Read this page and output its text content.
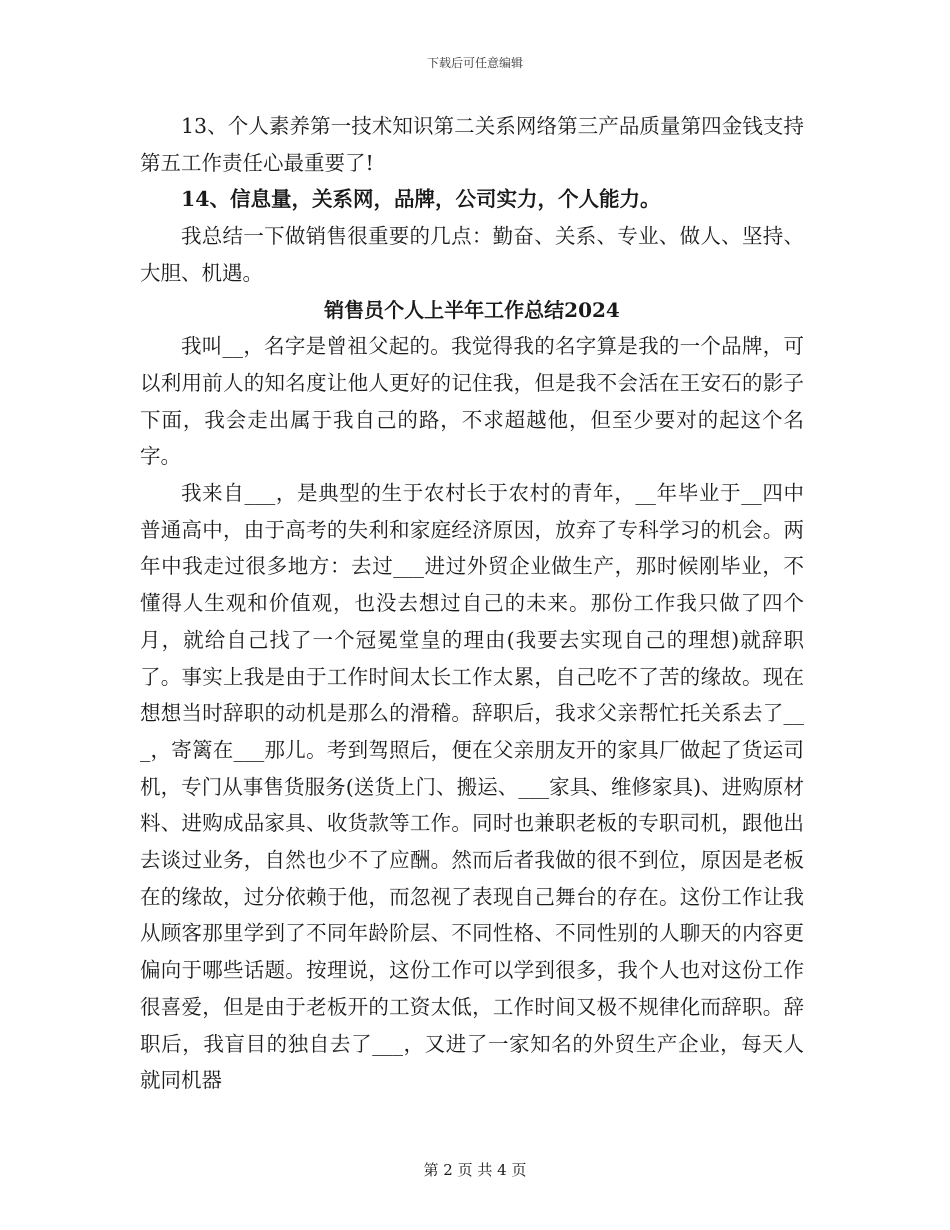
下载后可任意编辑

13、个人素养第一技术知识第二关系网络第三产品质量第四金钱支持第五工作责任心最重要了!

14、信息量，关系网，品牌，公司实力，个人能力。

我总结一下做销售很重要的几点：勤奋、关系、专业、做人、坚持、大胆、机遇。

销售员个人上半年工作总结2024

我叫__，名字是曾祖父起的。我觉得我的名字算是我的一个品牌，可以利用前人的知名度让他人更好的记住我，但是我不会活在王安石的影子下面，我会走出属于我自己的路，不求超越他，但至少要对的起这个名字。

我来自___，是典型的生于农村长于农村的青年，__年毕业于__四中普通高中，由于高考的失利和家庭经济原因，放弃了专科学习的机会。两年中我走过很多地方：去过___进过外贸企业做生产，那时候刚毕业，不懂得人生观和价值观，也没去想过自己的未来。那份工作我只做了四个月，就给自己找了一个冠冕堂皇的理由(我要去实现自己的理想)就辞职了。事实上我是由于工作时间太长工作太累，自己吃不了苦的缘故。现在想想当时辞职的动机是那么的滑稽。辞职后，我求父亲帮忙托关系去了___，寄篱在___那儿。考到驾照后，便在父亲朋友开的家具厂做起了货运司机，专门从事售货服务(送货上门、搬运、___家具、维修家具)、进购原材料、进购成品家具、收货款等工作。同时也兼职老板的专职司机，跟他出去谈过业务，自然也少不了应酬。然而后者我做的很不到位，原因是老板在的缘故，过分依赖于他，而忽视了表现自己舞台的存在。这份工作让我从顾客那里学到了不同年龄阶层、不同性格、不同性别的人聊天的内容更偏向于哪些话题。按理说，这份工作可以学到很多，我个人也对这份工作很喜爱，但是由于老板开的工资太低，工作时间又极不规律化而辞职。辞职后，我盲目的独自去了___，又进了一家知名的外贸生产企业，每天人就同机器

第 2 页 共 4 页
